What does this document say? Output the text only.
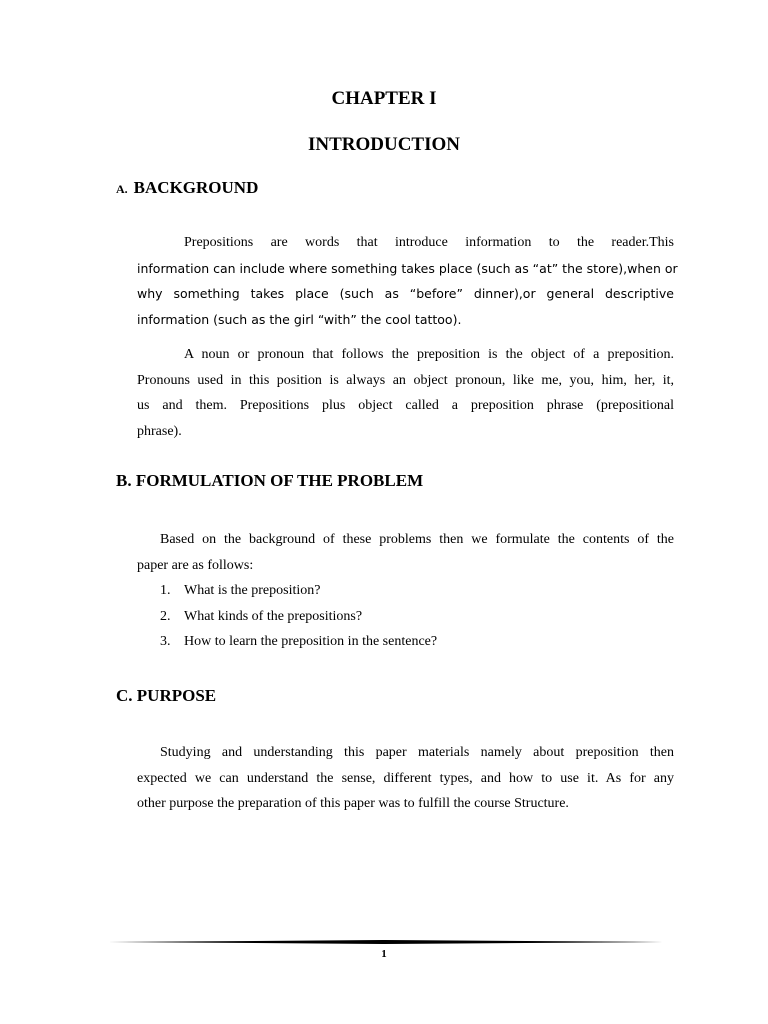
CHAPTER I
INTRODUCTION
A. BACKGROUND
Prepositions are words that introduce information to the reader.This
information can include where something takes place (such as “at” the store),when or
why something takes place (such as “before” dinner),or general descriptive
information (such as the girl “with” the cool tattoo).
A noun or pronoun that follows the preposition is the object of a preposition.
Pronouns used in this position is always an object pronoun, like me, you, him, her, it,
us and them. Prepositions plus object called a preposition phrase (prepositional
phrase).
B. FORMULATION OF THE PROBLEM
Based on the background of these problems then we formulate the contents of the
paper are as follows:
1. What is the preposition?
2. What kinds of the prepositions?
3. How to learn the preposition in the sentence?
C. PURPOSE
Studying and understanding this paper materials namely about preposition then
expected we can understand the sense, different types, and how to use it. As for any
other purpose the preparation of this paper was to fulfill the course Structure.
1
